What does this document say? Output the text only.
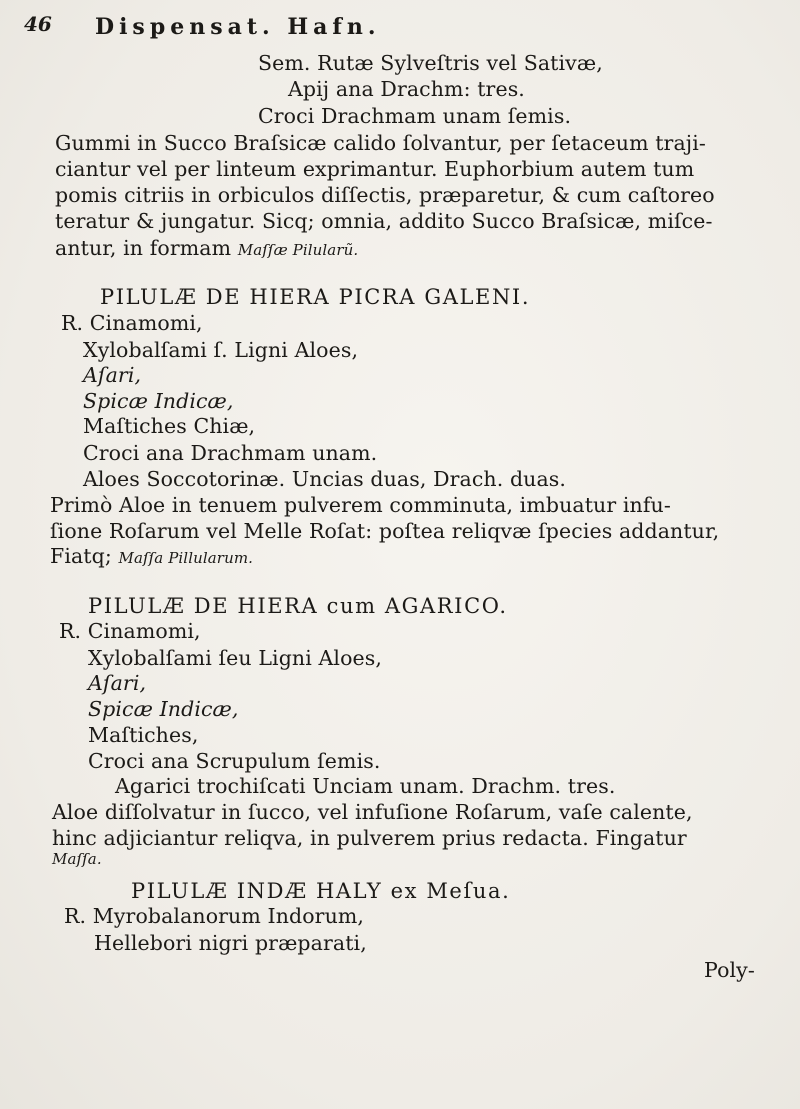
46 Dispensat. Hafn.
Sem. Rutæ Sylveſtris vel Sativæ,
Apij ana Drachm: tres.
Croci Drachmam unam ſemis.
Gummi in Succo Braſsicæ calido ſolvantur, per ſetaceum traji-
ciantur vel per linteum exprimantur. Euphorbium autem tum
pomis citriis in orbiculos diſſectis, præparetur, & cum caſtoreo
teratur & jungatur. Sicq; omnia, addito Succo Braſsicæ, miſce-
antur, in formam Maſſæ Pilularũ.
PILULÆ DE HIERA PICRA GALENI.
R. Cinamomi,
Xylobalſami ſ. Ligni Aloes,
Aſari,
Spicæ Indicæ,
Maſtiches Chiæ,
Croci ana Drachmam unam.
Aloes Soccotorinæ. Uncias duas, Drach. duas.
Primò Aloe in tenuem pulverem comminuta, imbuatur infu-
ſione Roſarum vel Melle Roſat: poſtea reliqvæ ſpecies addantur,
Fiatq; Maſſa Pillularum.
PILULÆ DE HIERA cum AGARICO.
R. Cinamomi,
Xylobalſami ſeu Ligni Aloes,
Aſari,
Spicæ Indicæ,
Maſtiches,
Croci ana Scrupulum ſemis.
Agarici trochiſcati Unciam unam. Drachm. tres.
Aloe diſſolvatur in ſucco, vel infuſione Roſarum, vaſe calente,
hinc adjiciantur reliqva, in pulverem prius redacta. Fingatur
Maſſa.
PILULÆ INDÆ HALY ex Meſua.
R. Myrobalanorum Indorum,
Hellebori nigri præparati,
Poly-
